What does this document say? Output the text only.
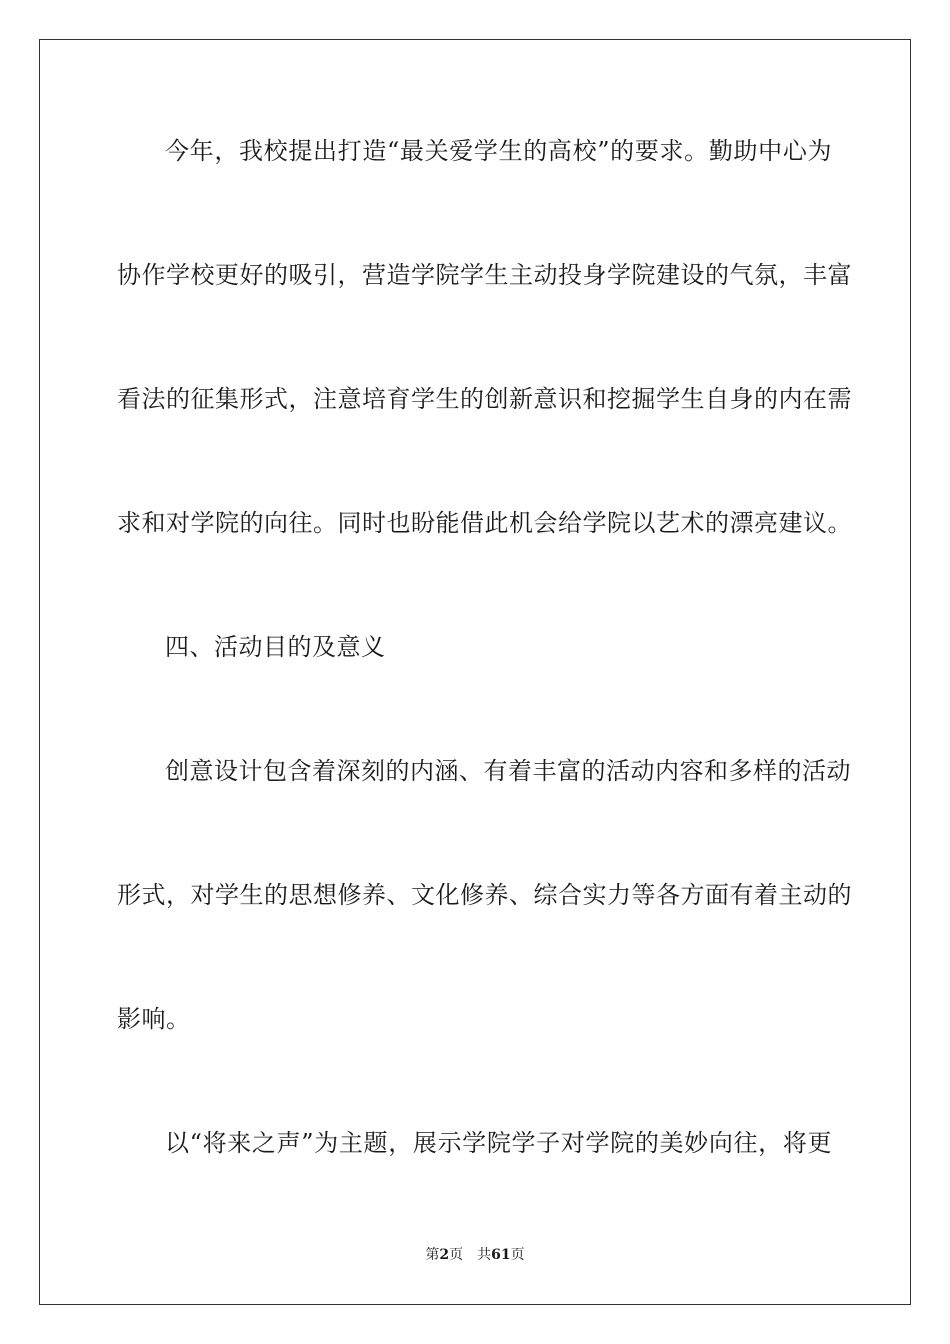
今年，我校提出打造“最关爱学生的高校”的要求。勤助中心为
协作学校更好的吸引，营造学院学生主动投身学院建设的气氛，丰富
看法的征集形式，注意培育学生的创新意识和挖掘学生自身的内在需
求和对学院的向往。同时也盼能借此机会给学院以艺术的漂亮建议。
四、活动目的及意义
创意设计包含着深刻的内涵、有着丰富的活动内容和多样的活动
形式，对学生的思想修养、文化修养、综合实力等各方面有着主动的
影响。
以“将来之声”为主题，展示学院学子对学院的美妙向往，将更
第2页 共61页
